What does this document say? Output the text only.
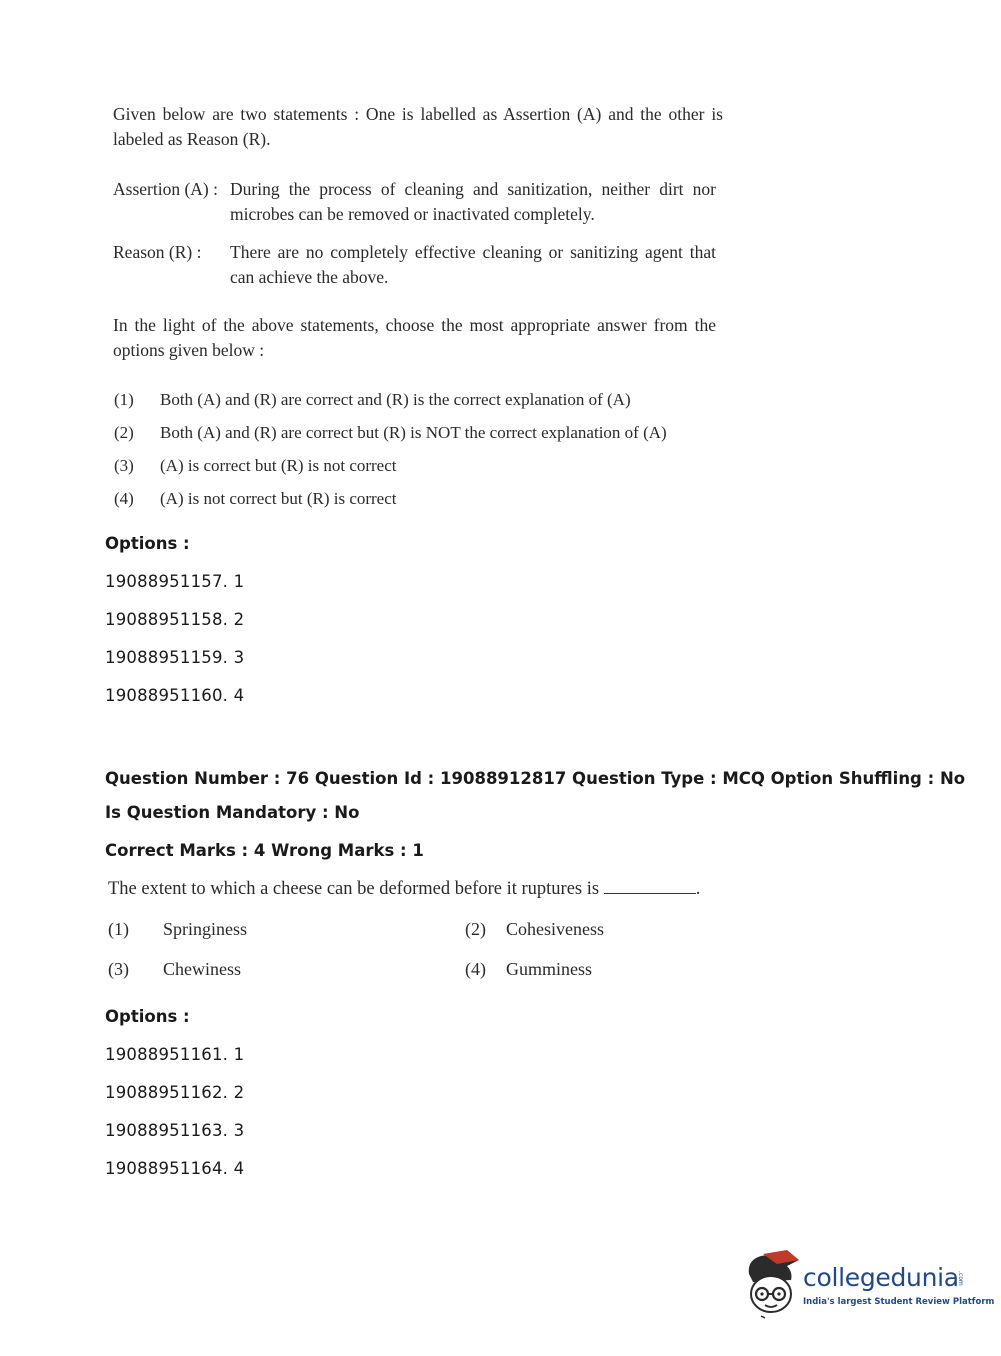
Given below are two statements : One is labelled as Assertion (A) and the other is labeled as Reason (R).
Assertion (A) : During the process of cleaning and sanitization, neither dirt nor microbes can be removed or inactivated completely.
Reason (R) : There are no completely effective cleaning or sanitizing agent that can achieve the above.
In the light of the above statements, choose the most appropriate answer from the options given below :
(1) Both (A) and (R) are correct and (R) is the correct explanation of (A)
(2) Both (A) and (R) are correct but (R) is NOT the correct explanation of (A)
(3) (A) is correct but (R) is not correct
(4) (A) is not correct but (R) is correct
Options :
19088951157. 1
19088951158. 2
19088951159. 3
19088951160. 4
Question Number : 76 Question Id : 19088912817 Question Type : MCQ Option Shuffling : No
Is Question Mandatory : No
Correct Marks : 4 Wrong Marks : 1
The extent to which a cheese can be deformed before it ruptures is	.
(1) Springiness	(2) Cohesiveness
(3) Chewiness	(4) Gumminess
Options :
19088951161. 1
19088951162. 2
19088951163. 3
19088951164. 4
collegedunia
.com
India's largest Student Review Platform
